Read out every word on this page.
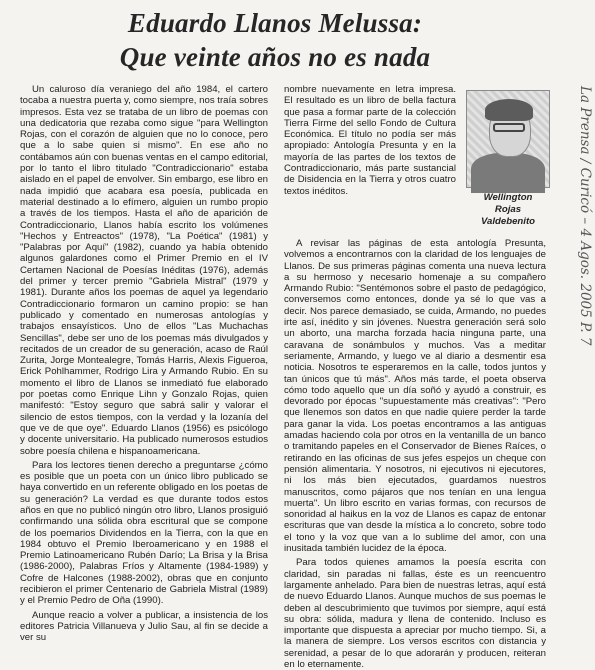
Eduardo Llanos Melussa:
Que veinte años no es nada

Un caluroso día veraniego del año 1984, el cartero tocaba a nuestra puerta y, como siempre, nos traía sobres impresos. Esta vez se trataba de un libro de poemas con una dedicatoria que rezaba como sigue "para Wellington Rojas, con el corazón de alguien que no lo conoce, pero que a lo sabe quien si mismo". En ese año no contábamos aún con buenas ventas en el campo editorial, por lo tanto el libro titulado "Contradiccionario" estaba aislado en el papel de envolver. Sin embargo, ese libro en nada impidió que acabara esa poesía, publicada en material destinado a lo efímero, alguien un rumbo propio a través de los tiempos. Hasta el año de aparición de Contradiccionario, Llanos había escrito los volúmenes "Hechos y Entreactos" (1978), "La Poética" (1981) y "Palabras por Aquí" (1982), cuando ya había obtenido algunos galardones como el Primer Premio en el IV Certamen Nacional de Poesías Inéditas (1976), además del primer y tercer premio "Gabriela Mistral" (1979 y 1981). Durante años los poemas de aquel ya legendario Contradiccionario formaron un camino propio: se han publicado y comentado en numerosas antologías y trabajos ensayísticos. Uno de ellos "Las Muchachas Sencillas", debe ser uno de los poemas más divulgados y recitados de un creador de su generación, acaso de Raúl Zurita, Jorge Montealegre, Tomás Harris, Alexis Figueroa, Erick Pohlhammer, Rodrigo Lira y Armando Rubio. En su momento el libro de Llanos se inmediató fue elaborado por poetas como Enrique Lihn y Gonzalo Rojas, quien manifestó: "Estoy seguro que sabrá salir y valorar el silencio de estos tiempos, con la verdad y la lozanía del que ve de que oye". Eduardo Llanos (1956) es psicólogo y docente universitario. Ha publicado numerosos estudios sobre poesía chilena e hispanoamericana.

Para los lectores tienen derecho a preguntarse ¿cómo es posible que un poeta con un único libro publicado se haya convertido en un referente obligado en los poetas de su generación? La verdad es que durante todos estos años en que no publicó ningún otro libro, Llanos prosiguió confirmando una sólida obra escritural que se compone de los poemarios Dividendos en la Tierra, con la que en 1984 obtuvo el Premio Iberoamericano y en 1988 el Premio Latinoamericano Rubén Darío; La Brisa y la Brisa (1986-2000), Palabras Fríos y Altamente (1984-1989) y Cofre de Halcones (1988-2002), obras que en conjunto recibieron el primer Centenario de Gabriela Mistral (1989) y el Premio Pedro de Oña (1990).

Aunque reacio a volver a publicar, a insistencia de los editores Patricia Villanueva y Julio Sau, al fin se decide a ver su

nombre nuevamente en letra impresa. El resultado es un libro de bella factura que pasa a formar parte de la colección Tierra Firme del sello Fondo de Cultura Económica. El título no podía ser más apropiado: Antología Presunta y en la mayoría de las partes de los textos de Contradiccionario, más parte sustancial de Disidencia en la Tierra y otros cuatro textos inéditos.

Wellington
Rojas
Valdebenito

A revisar las páginas de esta antología Presunta, volvemos a encontrarnos con la claridad de los lenguajes de Llanos. De sus primeras páginas comenta una nueva lectura a su hermoso y necesario homenaje a su compañero Armando Rubio: "Sentémonos sobre el pasto de pedagógico, conversemos como entonces, donde ya sé lo que vas a decir. Nos parece demasiado, se cuida, Armando, no puedes irte así, inédito y sin jóvenes. Nuestra generación será solo un aborto, una marcha forzada hacia ninguna parte, una caravana de sonámbulos y muchos. Vas a meditar seriamente, Armando, y luego ve al diario a desmentir esa noticia. Nosotros te esperaremos en la calle, todos juntos y tan únicos que tú más". Años más tarde, el poeta observa cómo todo aquello que un día soñó y ayudó a construir, es devorado por épocas "supuestamente más creativas": "Pero que llenemos son datos en que nadie quiere perder la tarde para ganar la vida. Los poetas encontramos a las antiguas amadas haciendo cola por otros en la ventanilla de un banco o tramitando papeles en el Conservador de Bienes Raíces, o retirando en las oficinas de sus jefes espejos un cheque con pensión alimentaria. Y nosotros, ni ejecutivos ni ejecutores, ni los más bien ejecutados, guardamos nuestros manuscritos, como pájaros que nos tenían en una lengua muerta". Un libro escrito en varias formas, con recursos de sonoridad al haikus en la voz de Llanos es capaz de entonar escrituras que van desde la mística a lo concreto, sobre todo el tono y la voz que van a lo sublime del amor, con una inusitada también lucidez de la época.

Para todos quienes amamos la poesía escrita con claridad, sin paradas ni fallas, éste es un reencuentro largamente anhelado. Para bien de nuestras letras, aquí está de nuevo Eduardo Llanos. Aunque muchos de sus poemas le deben al descubrimiento que tuvimos por siempre, aquí está su obra: sólida, madura y llena de contenido. Incluso es importante que dispuesta a apreciar por mucho tiempo. Si, a la manera de siempre. Los versos escritos con distancia y serenidad, a pesar de lo que adorarán y producen, reiteran en lo eternamente.

La Prensa / Curicó – 4 Agos. 2005 P. 7
